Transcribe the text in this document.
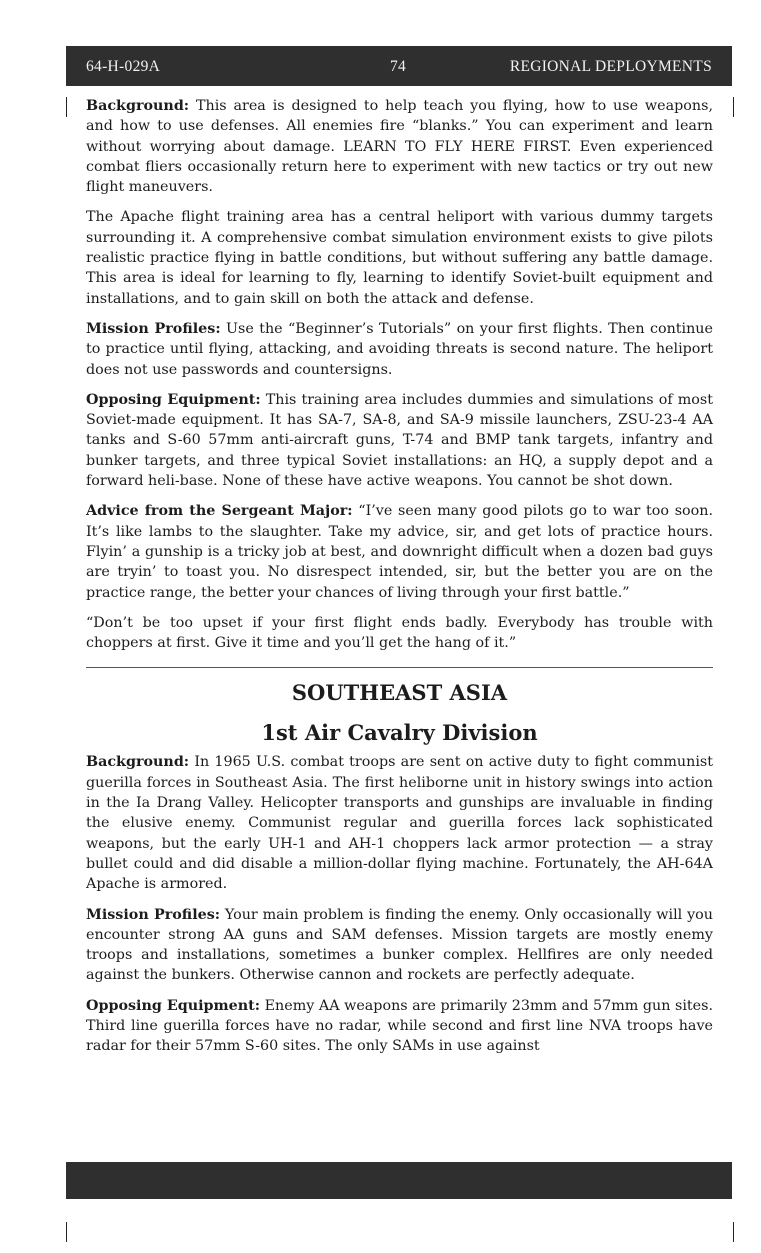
64-H-029A	74	REGIONAL DEPLOYMENTS

Background: This area is designed to help teach you flying, how to use weapons, and how to use defenses. All enemies fire “blanks.” You can experiment and learn without worrying about damage. LEARN TO FLY HERE FIRST. Even experienced combat fliers occasionally return here to experiment with new tactics or try out new flight maneuvers.

The Apache flight training area has a central heliport with various dummy targets surrounding it. A comprehensive combat simulation environment exists to give pilots realistic practice flying in battle conditions, but without suffering any battle damage. This area is ideal for learning to fly, learning to identify Soviet-built equipment and installations, and to gain skill on both the attack and defense.

Mission Profiles: Use the “Beginner’s Tutorials” on your first flights. Then continue to practice until flying, attacking, and avoiding threats is second nature. The heliport does not use passwords and countersigns.

Opposing Equipment: This training area includes dummies and simulations of most Soviet-made equipment. It has SA-7, SA-8, and SA-9 missile launchers, ZSU-23-4 AA tanks and S-60 57mm anti-aircraft guns, T-74 and BMP tank targets, infantry and bunker targets, and three typical Soviet installations: an HQ, a supply depot and a forward heli-base. None of these have active weapons. You cannot be shot down.

Advice from the Sergeant Major: “I’ve seen many good pilots go to war too soon. It’s like lambs to the slaughter. Take my advice, sir, and get lots of practice hours. Flyin’ a gunship is a tricky job at best, and downright difficult when a dozen bad guys are tryin’ to toast you. No disrespect intended, sir, but the better you are on the practice range, the better your chances of living through your first battle.”

“Don’t be too upset if your first flight ends badly. Everybody has trouble with choppers at first. Give it time and you’ll get the hang of it.”

SOUTHEAST ASIA
1st Air Cavalry Division

Background: In 1965 U.S. combat troops are sent on active duty to fight communist guerilla forces in Southeast Asia. The first heliborne unit in history swings into action in the Ia Drang Valley. Helicopter transports and gunships are invaluable in finding the elusive enemy. Communist regular and guerilla forces lack sophisticated weapons, but the early UH-1 and AH-1 choppers lack armor protection — a stray bullet could and did disable a million-dollar flying machine. Fortunately, the AH-64A Apache is armored.

Mission Profiles: Your main problem is finding the enemy. Only occasionally will you encounter strong AA guns and SAM defenses. Mission targets are mostly enemy troops and installations, sometimes a bunker complex. Hellfires are only needed against the bunkers. Otherwise cannon and rockets are perfectly adequate.

Opposing Equipment: Enemy AA weapons are primarily 23mm and 57mm gun sites. Third line guerilla forces have no radar, while second and first line NVA troops have radar for their 57mm S-60 sites. The only SAMs in use against
